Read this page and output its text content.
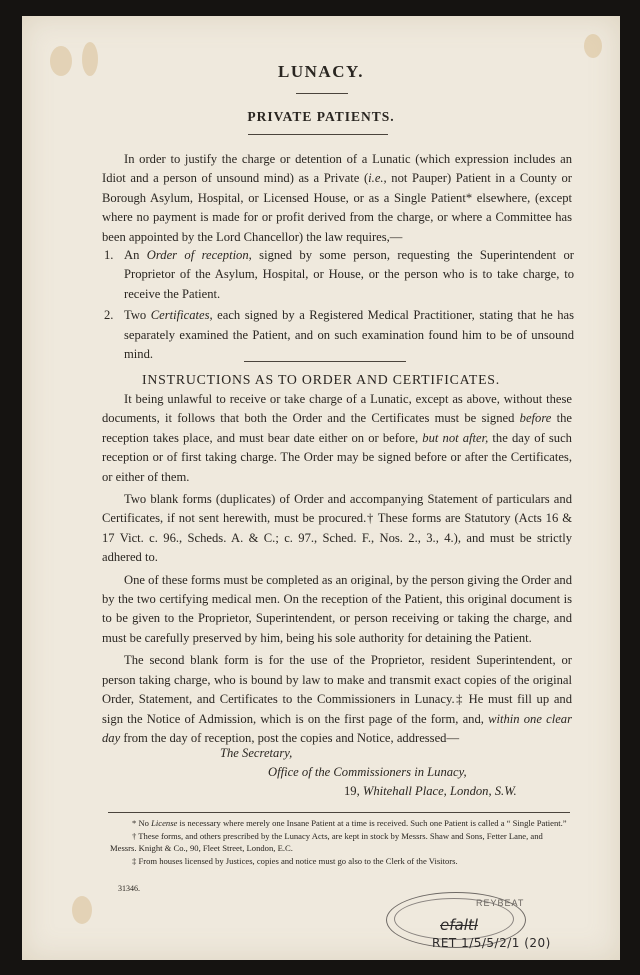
LUNACY.
PRIVATE PATIENTS.

In order to justify the charge or detention of a Lunatic (which expression includes an Idiot and a person of unsound mind) as a Private (i.e., not Pauper) Patient in a County or Borough Asylum, Hospital, or Licensed House, or as a Single Patient* elsewhere, (except where no payment is made for or profit derived from the charge, or where a Committee has been appointed by the Lord Chancellor) the law requires,—

1. An Order of reception, signed by some person, requesting the Superintendent or Proprietor of the Asylum, Hospital, or House, or the person who is to take charge, to receive the Patient.
2. Two Certificates, each signed by a Registered Medical Practitioner, stating that he has separately examined the Patient, and on such examination found him to be of unsound mind.
INSTRUCTIONS AS TO ORDER AND CERTIFICATES.

It being unlawful to receive or take charge of a Lunatic, except as above, without these documents, it follows that both the Order and the Certificates must be signed before the reception takes place, and must bear date either on or before, but not after, the day of such reception or of first taking charge. The Order may be signed before or after the Certificates, or either of them.

Two blank forms (duplicates) of Order and accompanying Statement of particulars and Certificates, if not sent herewith, must be procured.† These forms are Statutory (Acts 16 & 17 Vict. c. 96., Scheds. A. & C.; c. 97., Sched. F., Nos. 2., 3., 4.), and must be strictly adhered to.

One of these forms must be completed as an original, by the person giving the Order and by the two certifying medical men. On the reception of the Patient, this original document is to be given to the Proprietor, Superintendent, or person receiving or taking the charge, and must be carefully preserved by him, being his sole authority for detaining the Patient.

The second blank form is for the use of the Proprietor, resident Superintendent, or person taking charge, who is bound by law to make and transmit exact copies of the original Order, Statement, and Certificates to the Commissioners in Lunacy.‡ He must fill up and sign the Notice of Admission, which is on the first page of the form, and, within one clear day from the day of reception, post the copies and Notice, addressed—

The Secretary,
Office of the Commissioners in Lunacy,
19, Whitehall Place, London, S.W.

* No License is necessary where merely one Insane Patient at a time is received. Such one Patient is called a “ Single Patient.”

† These forms, and others prescribed by the Lunacy Acts, are kept in stock by Messrs. Shaw and Sons, Fetter Lane, and Messrs. Knight & Co., 90, Fleet Street, London, E.C.

‡ From houses licensed by Justices, copies and notice must go also to the Clerk of the Visitors.

31346.
REYBEAT
efaltl
RET 1/5/5/2/1 (20)
